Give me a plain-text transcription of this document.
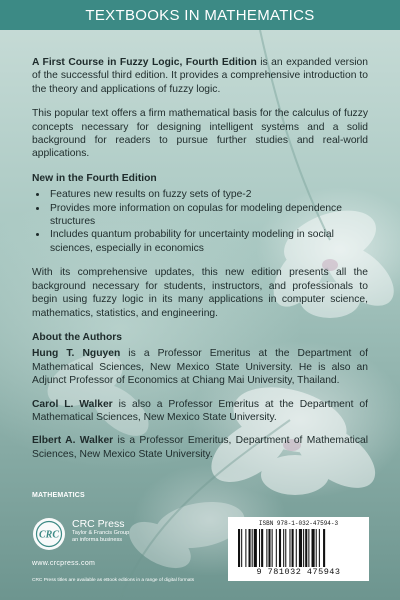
TEXTBOOKS IN MATHEMATICS

A First Course in Fuzzy Logic, Fourth Edition is an expanded version of the successful third edition. It provides a comprehensive introduction to the theory and applications of fuzzy logic.

This popular text offers a firm mathematical basis for the calculus of fuzzy concepts necessary for designing intelligent systems and a solid background for readers to pursue further studies and real-world applications.

New in the Fourth Edition
• Features new results on fuzzy sets of type-2
• Provides more information on copulas for modeling dependence structures
• Includes quantum probability for uncertainty modeling in social sciences, especially in economics

With its comprehensive updates, this new edition presents all the background necessary for students, instructors, and professionals to begin using fuzzy logic in its many applications in computer science, mathematics, statistics, and engineering.

About the Authors

Hung T. Nguyen is a Professor Emeritus at the Department of Mathematical Sciences, New Mexico State University. He is also an Adjunct Professor of Economics at Chiang Mai University, Thailand.

Carol L. Walker is also a Professor Emeritus at the Department of Mathematical Sciences, New Mexico State University.

Elbert A. Walker is a Professor Emeritus, Department of Mathematical Sciences, New Mexico State University.

MATHEMATICS
CRC
CRC Press
Taylor & Francis Group
an informa business
www.crcpress.com
CRC Press titles are available as eBook editions in a range of digital formats
ISBN 978-1-032-47594-3
9 781032 475943
